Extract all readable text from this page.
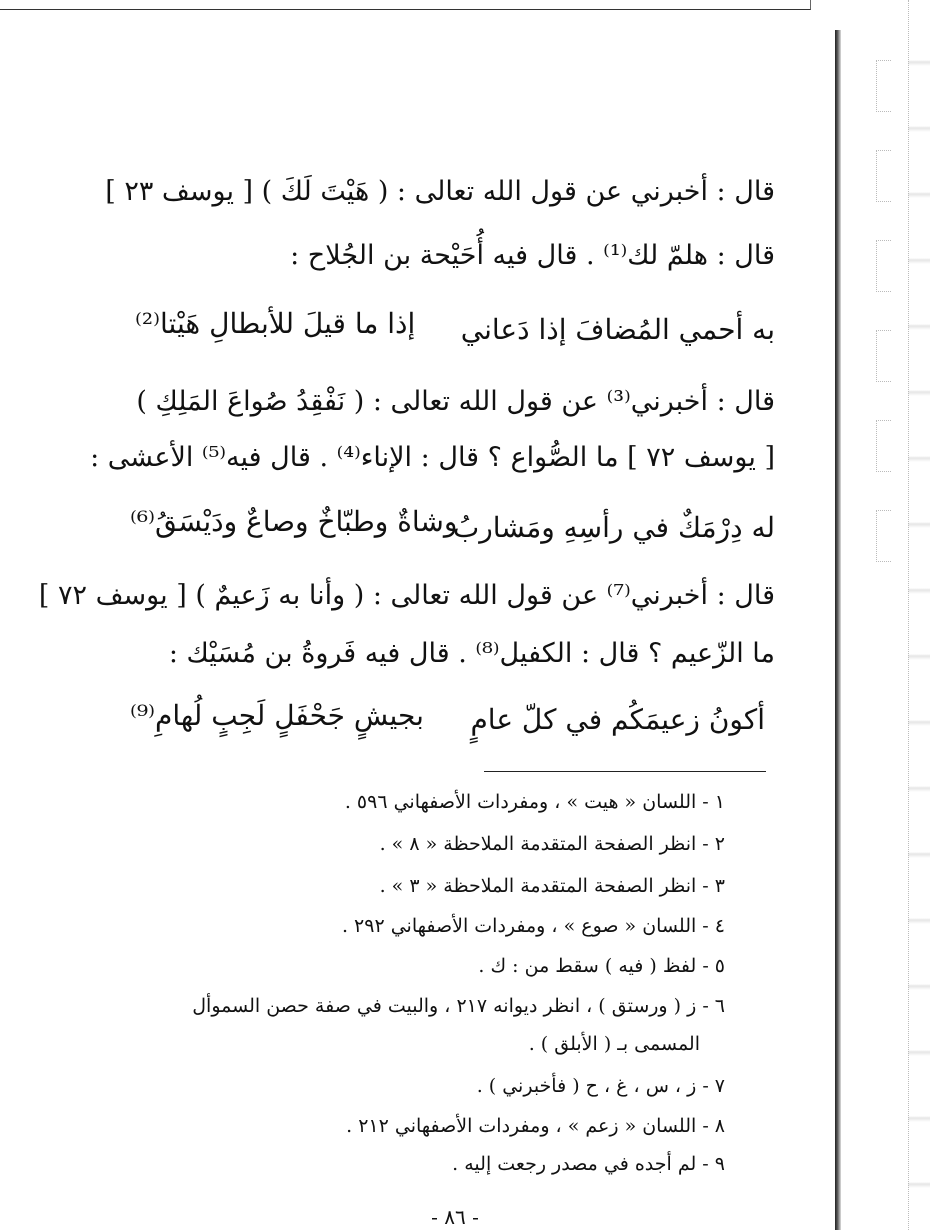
قال : أخبرني عن قول الله تعالى : ( هَيْتَ لَكَ ) [ يوسف ٢٣ ]
قال : هلمّ لك⁽¹⁾ . قال فيه أُحَيْحة بن الجُلاح :
به أحمي المُضافَ إذا دَعاني
إذا ما قيلَ للأبطالِ هَيْتا⁽²⁾
قال : أخبرني⁽³⁾ عن قول الله تعالى : ( نَفْقِدُ صُواعَ المَلِكِ )
[ يوسف ٧٢ ] ما الصُّواع ؟ قال : الإناء⁽⁴⁾ . قال فيه⁽⁵⁾ الأعشى :
له دِرْمَكٌ في رأسِهِ ومَشاربُ
وشاةٌ وطبّاخٌ وصاعٌ ودَيْسَقُ⁽⁶⁾
قال : أخبرني⁽⁷⁾ عن قول الله تعالى : ( وأنا به زَعيمٌ ) [ يوسف ٧٢ ]
ما الزّعيم ؟ قال : الكفيل⁽⁸⁾ . قال فيه فَروةُ بن مُسَيْك :
أكونُ زعيمَكُم في كلّ عامٍ
بجيشٍ جَحْفَلٍ لَجِبٍ لُهامِ⁽⁹⁾
١ - اللسان « هيت » ، ومفردات الأصفهاني ٥٩٦ .
٢ - انظر الصفحة المتقدمة الملاحظة « ٨ » .
٣ - انظر الصفحة المتقدمة الملاحظة « ٣ » .
٤ - اللسان « صوع » ، ومفردات الأصفهاني ٢٩٢ .
٥ - لفظ ( فيه ) سقط من : ك .
٦ - ز ( ورستق ) ، انظر ديوانه ٢١٧ ، والبيت في صفة حصن السموأل
المسمى بـ ( الأبلق ) .
٧ - ز ، س ، غ ، ح ( فأخبرني ) .
٨ - اللسان « زعم » ، ومفردات الأصفهاني ٢١٢ .
٩ - لم أجده في مصدر رجعت إليه .
- ٨٦ -
